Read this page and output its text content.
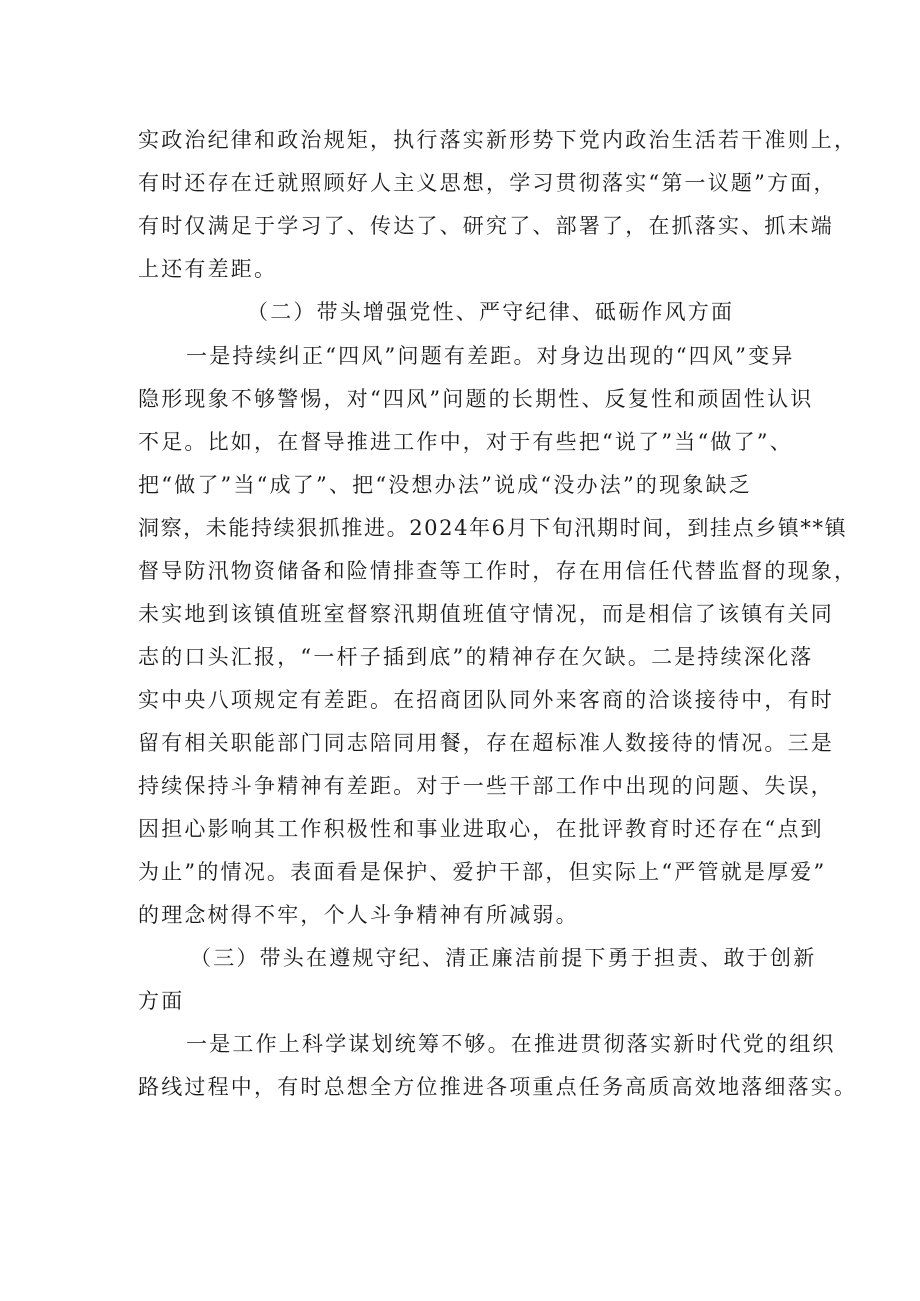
实政治纪律和政治规矩，执行落实新形势下党内政治生活若干准则上，
有时还存在迁就照顾好人主义思想，学习贯彻落实“第一议题”方面，
有时仅满足于学习了、传达了、研究了、部署了，在抓落实、抓末端
上还有差距。
（二）带头增强党性、严守纪律、砥砺作风方面
一是持续纠正“四风”问题有差距。对身边出现的“四风”变异
隐形现象不够警惕，对“四风”问题的长期性、反复性和顽固性认识
不足。比如，在督导推进工作中，对于有些把“说了”当“做了”、
把“做了”当“成了”、把“没想办法”说成“没办法”的现象缺乏
洞察，未能持续狠抓推进。2024年6月下旬汛期时间，到挂点乡镇**镇
督导防汛物资储备和险情排查等工作时，存在用信任代替监督的现象，
未实地到该镇值班室督察汛期值班值守情况，而是相信了该镇有关同
志的口头汇报，“一杆子插到底”的精神存在欠缺。二是持续深化落
实中央八项规定有差距。在招商团队同外来客商的洽谈接待中，有时
留有相关职能部门同志陪同用餐，存在超标准人数接待的情况。三是
持续保持斗争精神有差距。对于一些干部工作中出现的问题、失误，
因担心影响其工作积极性和事业进取心，在批评教育时还存在“点到
为止”的情况。表面看是保护、爱护干部，但实际上“严管就是厚爱”
的理念树得不牢，个人斗争精神有所减弱。
（三）带头在遵规守纪、清正廉洁前提下勇于担责、敢于创新
方面
一是工作上科学谋划统筹不够。在推进贯彻落实新时代党的组织
路线过程中，有时总想全方位推进各项重点任务高质高效地落细落实。
